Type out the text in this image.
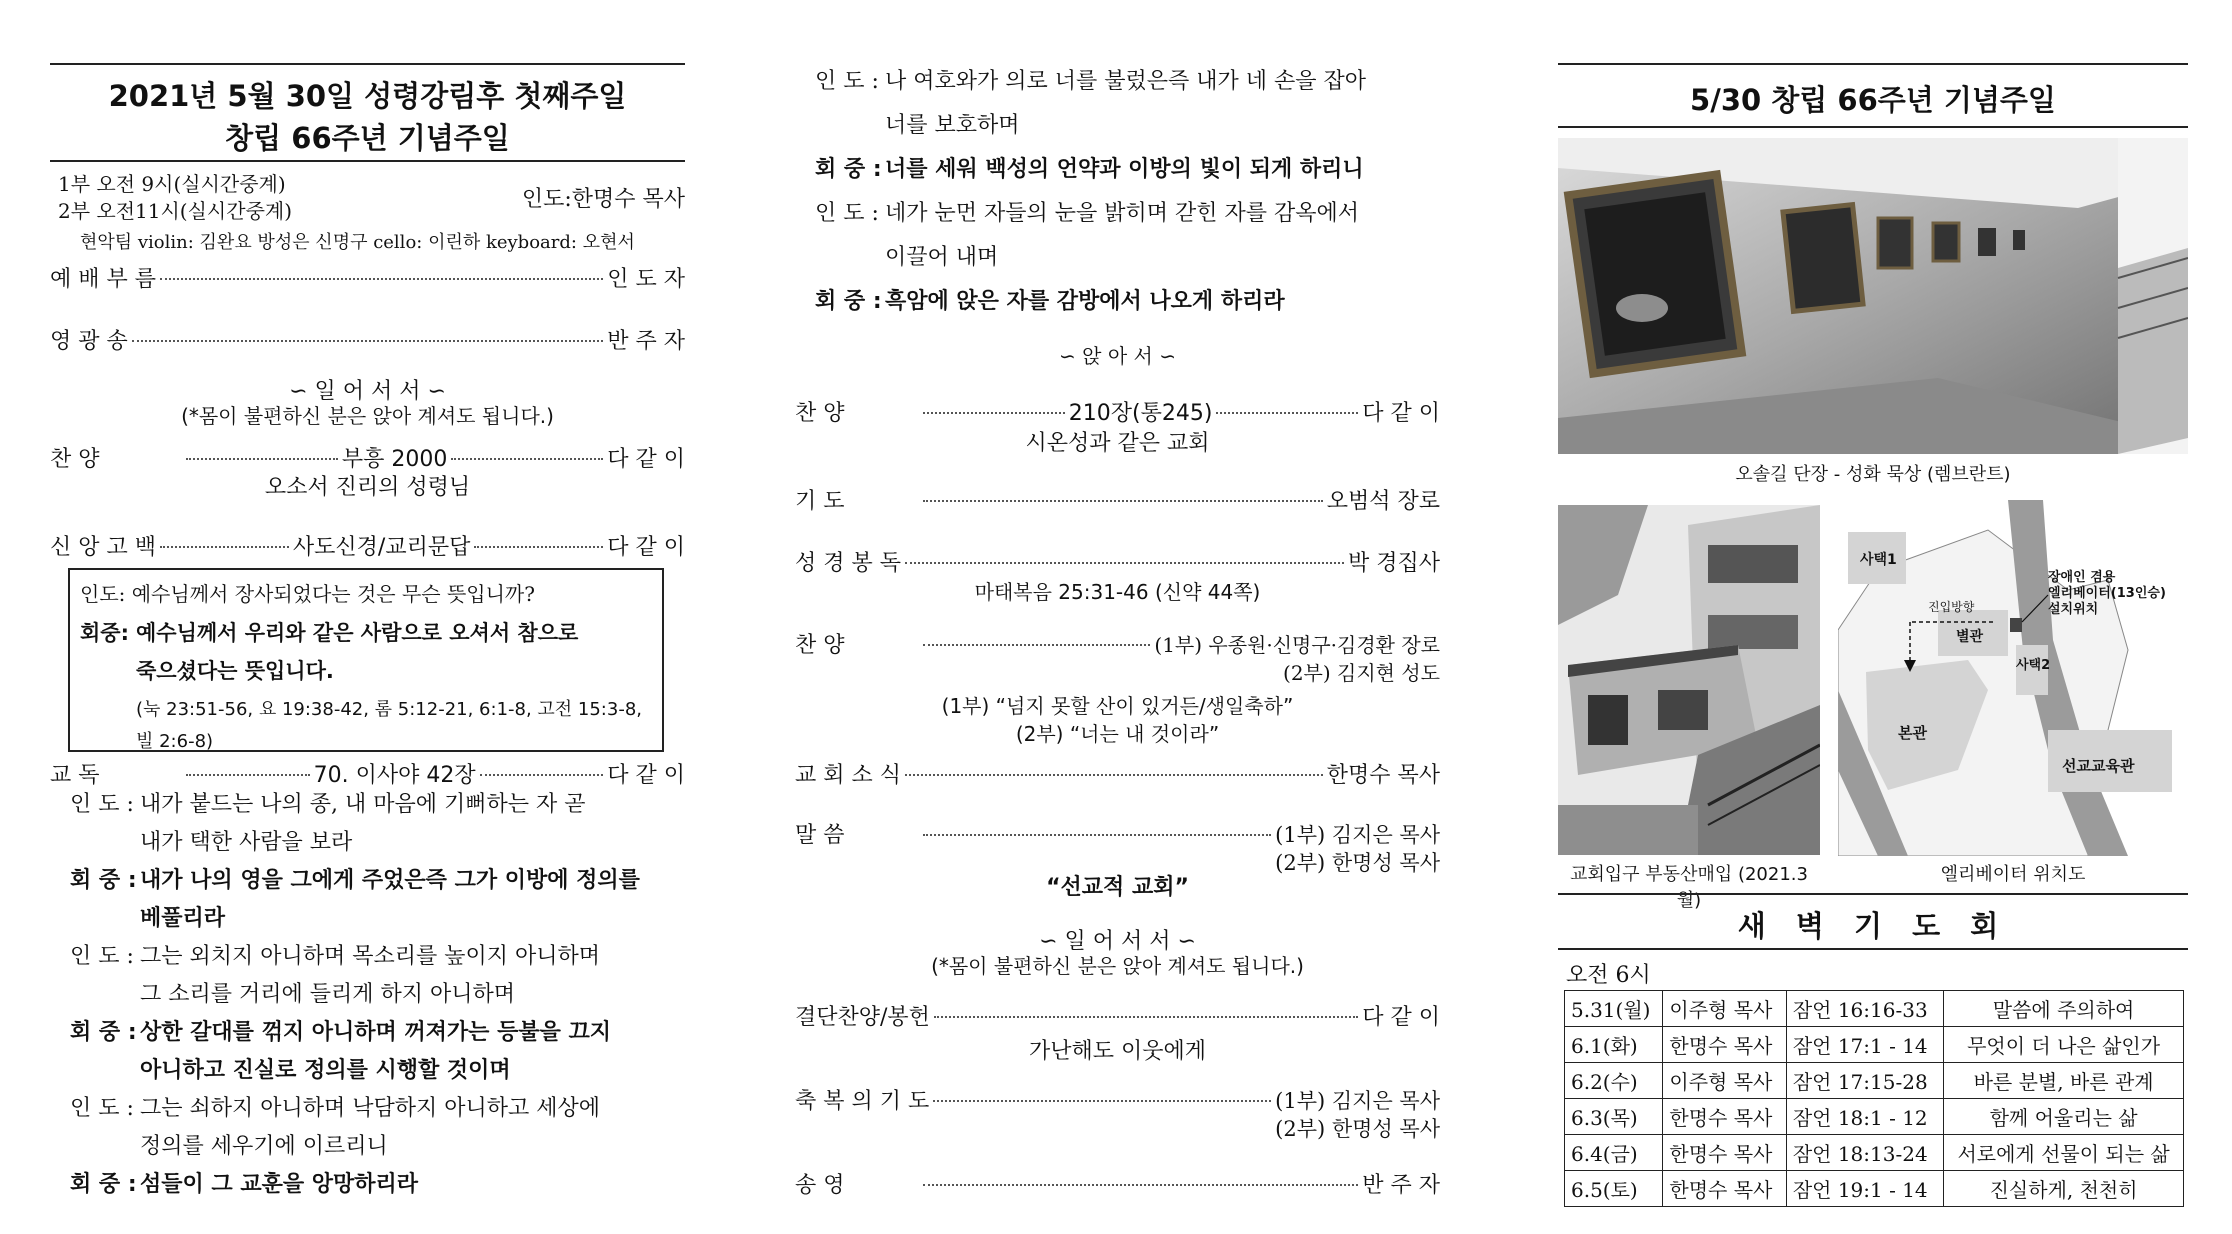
2021년 5월 30일 성령강림후 첫째주일
창립 66주년 기념주일
1부 오전 9시(실시간중계)
2부 오전11시(실시간중계)	인도:한명수 목사
현악팀 violin: 김완요 방성은 신명구 cello: 이린하 keyboard: 오현서
예 배 부 름	인 도 자
영 광 송	반 주 자
∽ 일 어 서 서 ∽
(*몸이 불편하신 분은 앉아 계셔도 됩니다.)
찬 양	부흥 2000	다 같 이
오소서 진리의 성령님
신 앙 고 백	사도신경/교리문답	다 같 이
인도: 예수님께서 장사되었다는 것은 무슨 뜻입니까?
회중: 예수님께서 우리와 같은 사람으로 오셔서 참으로
죽으셨다는 뜻입니다.
(눅 23:51-56, 요 19:38-42, 롬 5:12-21, 6:1-8, 고전 15:3-8,
빌 2:6-8)
교 독	70. 이사야 42장	다 같 이
인 도 : 내가 붙드는 나의 종, 내 마음에 기뻐하는 자 곧
내가 택한 사람을 보라
회 중 : 내가 나의 영을 그에게 주었은즉 그가 이방에 정의를
베풀리라
인 도 : 그는 외치지 아니하며 목소리를 높이지 아니하며
그 소리를 거리에 들리게 하지 아니하며
회 중 : 상한 갈대를 꺾지 아니하며 꺼져가는 등불을 끄지
아니하고 진실로 정의를 시행할 것이며
인 도 : 그는 쇠하지 아니하며 낙담하지 아니하고 세상에
정의를 세우기에 이르리니
회 중 : 섬들이 그 교훈을 앙망하리라
인 도 : 나 여호와가 의로 너를 불렀은즉 내가 네 손을 잡아
너를 보호하며
회 중 : 너를 세워 백성의 언약과 이방의 빛이 되게 하리니
인 도 : 네가 눈먼 자들의 눈을 밝히며 갇힌 자를 감옥에서
이끌어 내며
회 중 : 흑암에 앉은 자를 감방에서 나오게 하리라
∽ 앉 아 서 ∽
찬 양	210장(통245)	다 같 이
시온성과 같은 교회
기 도	오범석 장로
성 경 봉 독	박 경집사
마태복음 25:31-46 (신약 44쪽)
찬 양	(1부) 우종원·신명구·김경환 장로
(2부) 김지현 성도
(1부) “넘지 못할 산이 있거든/생일축하”
(2부) “너는 내 것이라”
교 회 소 식	한명수 목사
말 씀	(1부) 김지은 목사
(2부) 한명성 목사
“선교적 교회”
∽ 일 어 서 서 ∽
(*몸이 불편하신 분은 앉아 계셔도 됩니다.)
결단찬양/봉헌	다 같 이
가난해도 이웃에게
축 복 의 기 도	(1부) 김지은 목사
(2부) 한명성 목사
송 영	반 주 자
5/30 창립 66주년 기념주일
오솔길 단장 - 성화 묵상 (렘브란트)
교회입구 부동산매입 (2021.3월)
사택1
진입방향
별관
사택2
본관
선교교육관
장애인 겸용
엘리베이터(13인승)
설치위치
엘리베이터 위치도
새 벽 기 도 회
오전 6시
5.31(월)	이주형 목사	잠언 16:16-33	말씀에 주의하여
6.1(화)	한명수 목사	잠언 17:1 - 14	무엇이 더 나은 삶인가
6.2(수)	이주형 목사	잠언 17:15-28	바른 분별, 바른 관계
6.3(목)	한명수 목사	잠언 18:1 - 12	함께 어울리는 삶
6.4(금)	한명수 목사	잠언 18:13-24	서로에게 선물이 되는 삶
6.5(토)	한명수 목사	잠언 19:1 - 14	진실하게, 천천히
